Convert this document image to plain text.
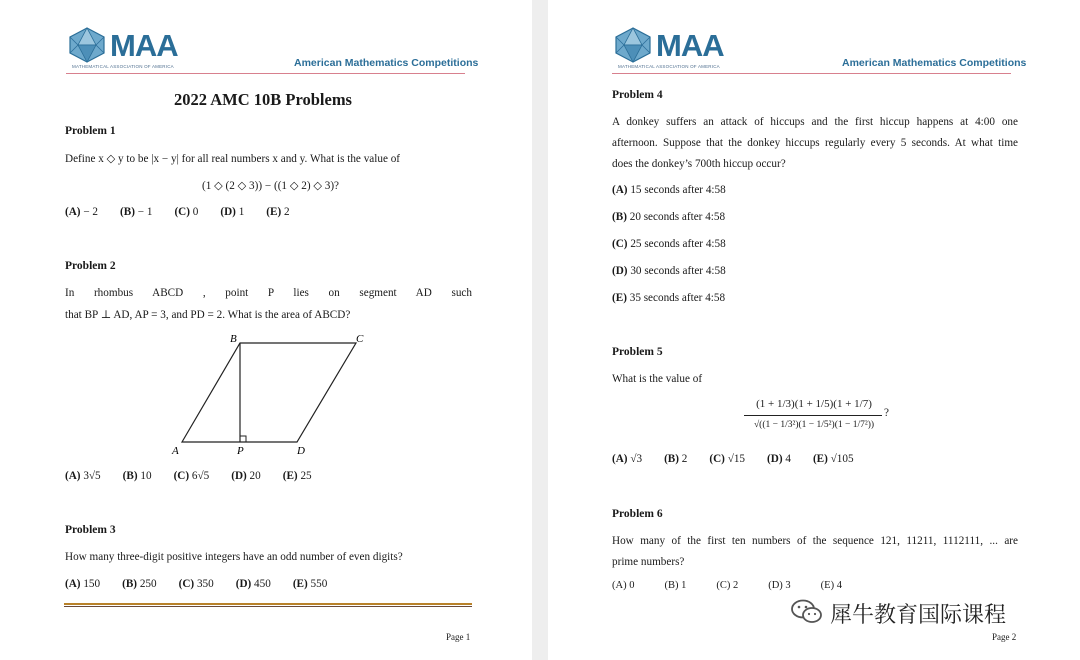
MAA
MATHEMATICAL ASSOCIATION OF AMERICA	American Mathematics Competitions
2022 AMC 10B Problems
Problem 1
Define x ◇ y to be |x − y| for all real numbers x and y. What is the value of
(1 ◇ (2 ◇ 3)) − ((1 ◇ 2) ◇ 3)?
(A) − 2 (B) − 1 (C) 0 (D) 1 (E) 2
Problem 2
In rhombus ABCD , point P lies on segment AD such
that BP ⊥ AD, AP = 3, and PD = 2. What is the area of ABCD?
A
B	C
D
P
(A) 3√5 (B) 10 (C) 6√5 (D) 20 (E) 25
Problem 3
How many three-digit positive integers have an odd number of even digits?
(A) 150 (B) 250 (C) 350 (D) 450 (E) 550
Page 1
MAA
MATHEMATICAL ASSOCIATION OF AMERICA	American Mathematics Competitions
Problem 4
A donkey suffers an attack of hiccups and the first hiccup happens at 4:00 one
afternoon. Suppose that the donkey hiccups regularly every 5 seconds. At what time
does the donkey’s 700th hiccup occur?
(A) 15 seconds after 4:58
(B) 20 seconds after 4:58
(C) 25 seconds after 4:58
(D) 30 seconds after 4:58
(E) 35 seconds after 4:58
Problem 5
What is the value of
(1 + 1/3)(1 + 1/5)(1 + 1/7)
√((1 − 1/3²)(1 − 1/5²)(1 − 1/7²))
?
(A) √3 (B) 2 (C) √15 (D) 4 (E) √105
Problem 6
How many of the first ten numbers of the sequence 121, 11211, 1112111, ... are
prime numbers?
(A) 0	(B) 1	(C) 2	(D) 3	(E) 4
Page 2
犀牛教育国际课程
